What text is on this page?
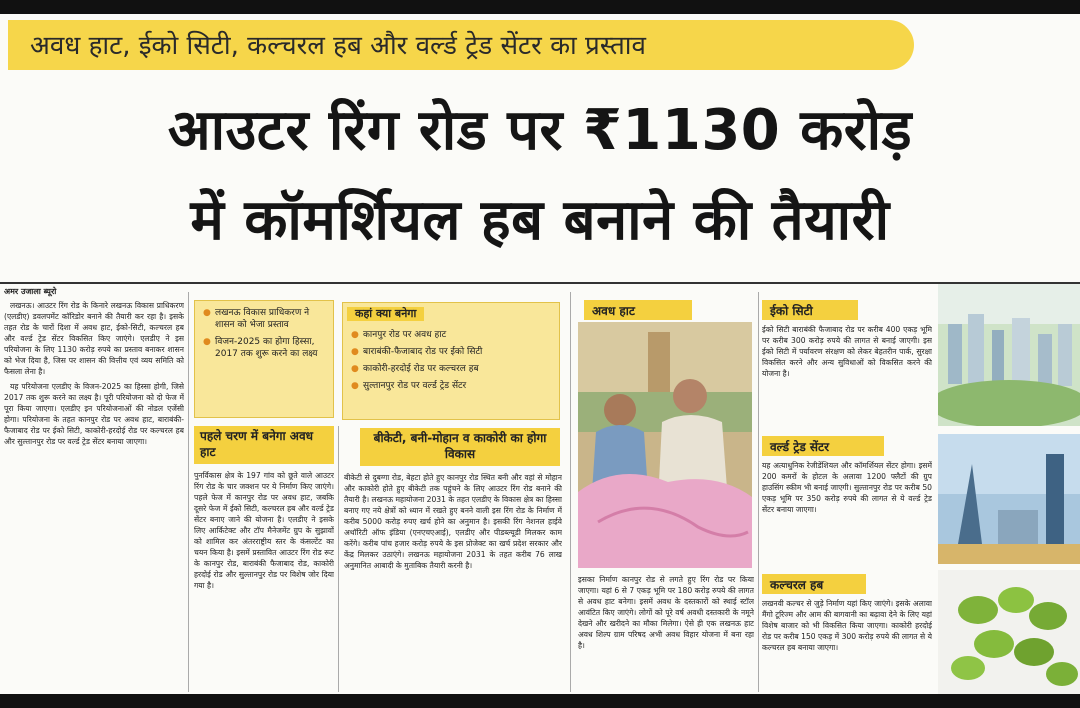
अवध हाट, ईको सिटी, कल्चरल हब और वर्ल्ड ट्रेड सेंटर का प्रस्ताव
आउटर रिंग रोड पर ₹1130 करोड़
में कॉमर्शियल हब बनाने की तैयारी
अमर उजाला ब्यूरो

लखनऊ। आउटर रिंग रोड के किनारे लखनऊ विकास प्राधिकरण (एलडीए) डवलपमेंट कॉरिडोर बनाने की तैयारी कर रहा है। इसके तहत रोड के चारों दिशा में अवध हाट, ईको-सिटी, कल्चरल हब और वर्ल्ड ट्रेड सेंटर विकसित किए जाएंगे। एलडीए ने इस परियोजना के लिए 1130 करोड़ रुपये का प्रस्ताव बनाकर शासन को भेज दिया है, जिस पर शासन की वित्तीय एवं व्यय समिति को फैसला लेना है।

यह परियोजना एलडीए के विजन-2025 का हिस्सा होगी, जिसे 2017 तक शुरू करने का लक्ष्य है। पूरी परियोजना को दो फेज में पूरा किया जाएगा। एलडीए इन परियोजनाओं की नोडल एजेंसी होगा। परियोजना के तहत कानपुर रोड पर अवध हाट, बाराबंकी-फैजाबाद रोड पर ईको सिटी, काकोरी-हरदोई रोड पर कल्चरल हब और सुल्तानपुर रोड पर वर्ल्ड ट्रेड सेंटर बनाया जाएगा।

● लखनऊ विकास प्राधिकरण ने शासन को भेजा प्रस्ताव
● विजन-2025 का होगा हिस्सा, 2017 तक शुरू करने का लक्ष्य
कहां क्या बनेगा
● कानपुर रोड पर अवध हाट
● बाराबंकी-फैजाबाद रोड पर ईको सिटी
● काकोरी-हरदोई रोड पर कल्चरल हब
● सुल्तानपुर रोड पर वर्ल्ड ट्रेड सेंटर
पहले चरण में बनेगा अवध हाट
पुनर्विकास क्षेत्र के 197 गांव को छूते वाले आउटर रिंग रोड के चार जक्शन पर ये निर्माण किए जाएंगे। पहले फेज में कानपुर रोड पर अवध हाट, जबकि दूसरे फेज में ईको सिटी, कल्चरल हब और वर्ल्ड ट्रेड सेंटर बनाए जाने की योजना है। एलडीए ने इसके लिए आर्किटेक्ट और टॉप मैनेजमेंट ग्रुप के सुझावों को शामिल कर अंतरराष्ट्रीय स्तर के कंसल्टेंट का चयन किया है। इसमें प्रस्तावित आउटर रिंग रोड रूट के कानपुर रोड, बाराबंकी फैजाबाद रोड, काकोरी हरदोई रोड और सुल्तानपुर रोड पर विशेष जोर दिया गया है।
बीकेटी, बनी-मोहान व काकोरी का होगा विकास
बीकेटी से दुबग्गा रोड, बेहटा होते हुए कानपुर रोड स्थित बनी और वहां से मोहान और काकोरी होते हुए बीकेटी तक पहुंचने के लिए आउटर रिंग रोड बनाने की तैयारी है। लखनऊ महायोजना 2031 के तहत एलडीए के विकास क्षेत्र का हिस्सा बनाए गए नये क्षेत्रों को ध्यान में रखते हुए बनने वाली इस रिंग रोड के निर्माण में करीब 5000 करोड़ रुपए खर्च होने का अनुमान है। इसकी रिंग नेशनल हाईवे अथॉरिटी ऑफ इंडिया (एनएचएआई), एलडीए और पीडब्ल्यूडी मिलकर काम करेंगे। करीब पांच हजार करोड़ रुपये के इस प्रोजेक्ट का खर्च प्रदेश सरकार और केंद्र मिलकर उठाएंगे। लखनऊ महायोजना 2031 के तहत करीब 76 लाख अनुमानित आबादी के मुताबिक तैयारी करनी है।
अवध हाट
इसका निर्माण कानपुर रोड से लगते हुए रिंग रोड पर किया जाएगा। यहां 6 से 7 एकड़ भूमि पर 180 करोड़ रुपये की लागत से अवध हाट बनेगा। इसमें अवध के दस्तकारों को स्थाई स्टॉल आवंटित किए जाएंगे। लोगों को पूरे वर्ष अवधी दस्तकारी के नमूने देखने और खरीदने का मौका मिलेगा। ऐसे ही एक लखनऊ हाट अवध शिल्प ग्राम परिषद अभी अवध विहार योजना में बना रहा है।
ईको सिटी
ईको सिटी बाराबंकी फैजाबाद रोड पर करीब 400 एकड़ भूमि पर करीब 300 करोड़ रुपये की लागत से बनाई जाएगी। इस ईको सिटी में पर्यावरण संरक्षण को लेकर बेहतरीन पार्क, सुरक्षा विकसित करने और अन्य सुविधाओं को विकसित करने की योजना है।
वर्ल्ड ट्रेड सेंटर
यह अत्याधुनिक रेजीडेंशियल और कॉमर्शियल सेंटर होगा। इसमें 200 कमरों के होटल के अलावा 1200 फ्लैटों की ग्रुप हाउसिंग स्कीम भी बनाई जाएगी। सुल्तानपुर रोड पर करीब 50 एकड़ भूमि पर 350 करोड़ रुपये की लागत से ये वर्ल्ड ट्रेड सेंटर बनाया जाएगा।
कल्चरल हब
लखनवी कल्चर से जुड़े निर्माण यहां किए जाएंगे। इसके अलावा मैंगो टूरिज्म और आम की बागवानी का बढ़ावा देने के लिए यहां विशेष बाजार को भी विकसित किया जाएगा। काकोरी हरदोई रोड पर करीब 150 एकड़ में 300 करोड़ रुपये की लागत से ये कल्चरल हब बनाया जाएगा।
